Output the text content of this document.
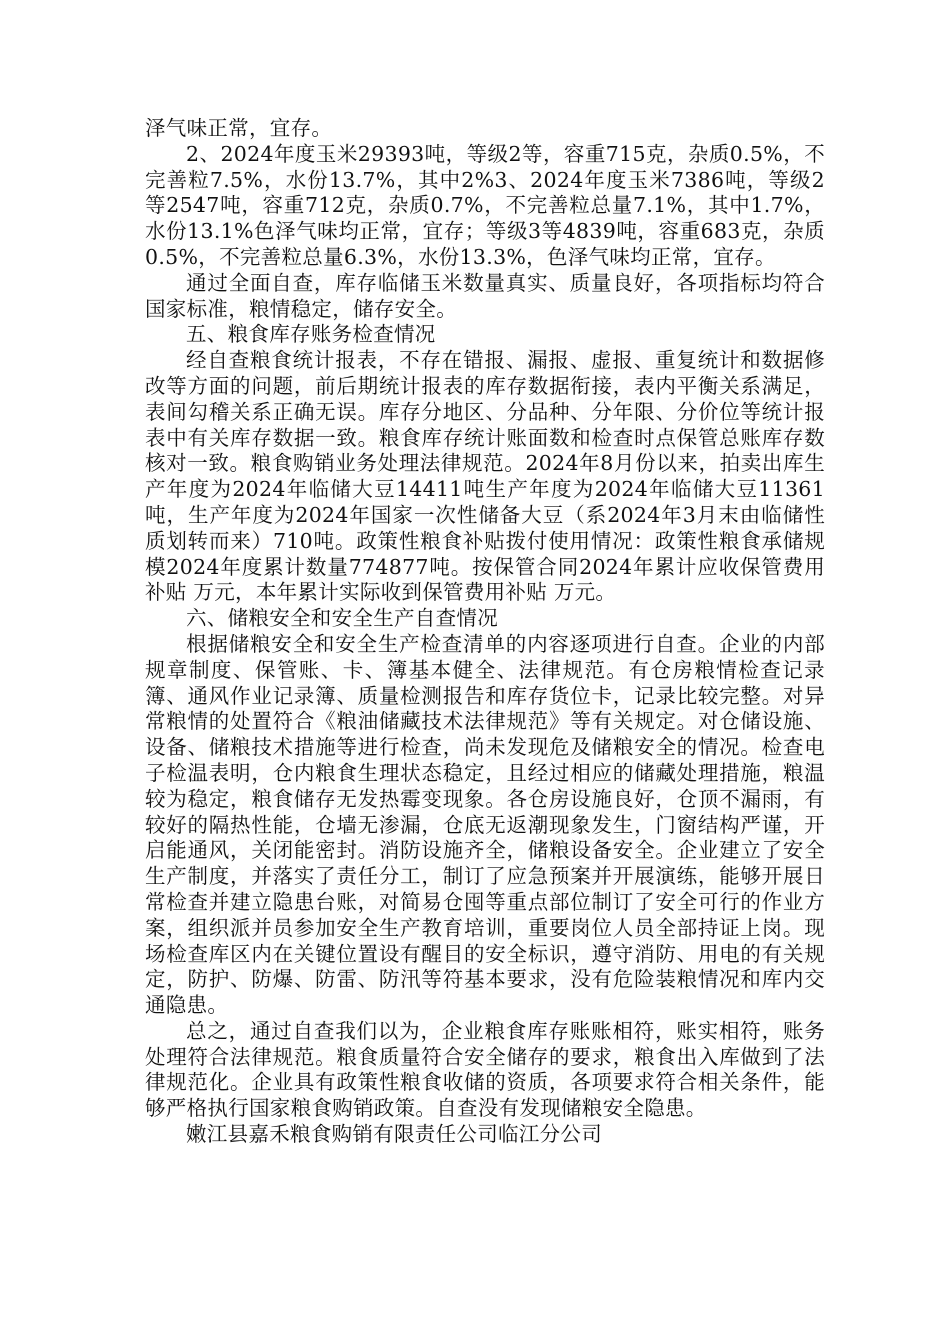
泽气味正常，宜存。

2、2024年度玉米29393吨，等级2等，容重715克，杂质0.5%，不完善粒7.5%，水份13.7%，其中2%3、2024年度玉米7386吨，等级2等2547吨，容重712克，杂质0.7%，不完善粒总量7.1%，其中1.7%，水份13.1%色泽气味均正常，宜存；等级3等4839吨，容重683克，杂质0.5%，不完善粒总量6.3%，水份13.3%，色泽气味均正常，宜存。

通过全面自查，库存临储玉米数量真实、质量良好，各项指标均符合国家标准，粮情稳定，储存安全。

五、粮食库存账务检查情况

经自查粮食统计报表，不存在错报、漏报、虚报、重复统计和数据修改等方面的问题，前后期统计报表的库存数据衔接，表内平衡关系满足，表间勾稽关系正确无误。库存分地区、分品种、分年限、分价位等统计报表中有关库存数据一致。粮食库存统计账面数和检查时点保管总账库存数核对一致。粮食购销业务处理法律规范。2024年8月份以来，拍卖出库生产年度为2024年临储大豆14411吨生产年度为2024年临储大豆11361吨，生产年度为2024年国家一次性储备大豆（系2024年3月末由临储性质划转而来）710吨。政策性粮食补贴拨付使用情况：政策性粮食承储规模2024年度累计数量774877吨。按保管合同2024年累计应收保管费用补贴 万元，本年累计实际收到保管费用补贴 万元。

六、储粮安全和安全生产自查情况

根据储粮安全和安全生产检查清单的内容逐项进行自查。企业的内部规章制度、保管账、卡、簿基本健全、法律规范。有仓房粮情检查记录簿、通风作业记录簿、质量检测报告和库存货位卡，记录比较完整。对异常粮情的处置符合《粮油储藏技术法律规范》等有关规定。对仓储设施、设备、储粮技术措施等进行检查，尚未发现危及储粮安全的情况。检查电子检温表明，仓内粮食生理状态稳定，且经过相应的储藏处理措施，粮温较为稳定，粮食储存无发热霉变现象。各仓房设施良好，仓顶不漏雨，有较好的隔热性能，仓墙无渗漏，仓底无返潮现象发生，门窗结构严谨，开启能通风，关闭能密封。消防设施齐全，储粮设备安全。企业建立了安全生产制度，并落实了责任分工，制订了应急预案并开展演练，能够开展日常检查并建立隐患台账，对简易仓囤等重点部位制订了安全可行的作业方案，组织派并员参加安全生产教育培训，重要岗位人员全部持证上岗。现场检查库区内在关键位置设有醒目的安全标识，遵守消防、用电的有关规定，防护、防爆、防雷、防汛等符基本要求，没有危险装粮情况和库内交通隐患。

总之，通过自查我们以为，企业粮食库存账账相符，账实相符，账务处理符合法律规范。粮食质量符合安全储存的要求，粮食出入库做到了法律规范化。企业具有政策性粮食收储的资质，各项要求符合相关条件，能够严格执行国家粮食购销政策。自查没有发现储粮安全隐患。

嫩江县嘉禾粮食购销有限责任公司临江分公司
